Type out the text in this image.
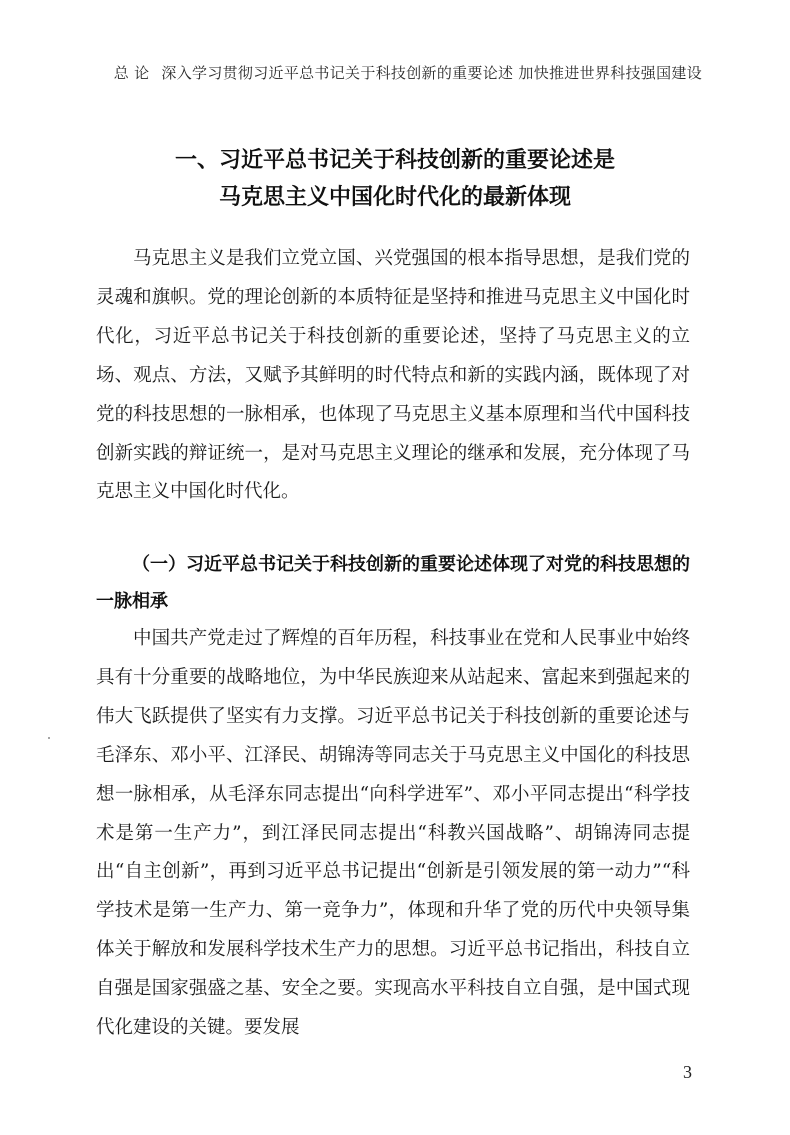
总 论 深入学习贯彻习近平总书记关于科技创新的重要论述 加快推进世界科技强国建设
一、习近平总书记关于科技创新的重要论述是
马克思主义中国化时代化的最新体现

马克思主义是我们立党立国、兴党强国的根本指导思想，是我们党的灵魂和旗帜。党的理论创新的本质特征是坚持和推进马克思主义中国化时代化，习近平总书记关于科技创新的重要论述，坚持了马克思主义的立场、观点、方法，又赋予其鲜明的时代特点和新的实践内涵，既体现了对党的科技思想的一脉相承，也体现了马克思主义基本原理和当代中国科技创新实践的辩证统一，是对马克思主义理论的继承和发展，充分体现了马克思主义中国化时代化。

（一）习近平总书记关于科技创新的重要论述体现了对党的科技思想的一脉相承

中国共产党走过了辉煌的百年历程，科技事业在党和人民事业中始终具有十分重要的战略地位，为中华民族迎来从站起来、富起来到强起来的伟大飞跃提供了坚实有力支撑。习近平总书记关于科技创新的重要论述与毛泽东、邓小平、江泽民、胡锦涛等同志关于马克思主义中国化的科技思想一脉相承，从毛泽东同志提出“向科学进军”、邓小平同志提出“科学技术是第一生产力”，到江泽民同志提出“科教兴国战略”、胡锦涛同志提出“自主创新”，再到习近平总书记提出“创新是引领发展的第一动力”“科学技术是第一生产力、第一竞争力”，体现和升华了党的历代中央领导集体关于解放和发展科学技术生产力的思想。习近平总书记指出，科技自立自强是国家强盛之基、安全之要。实现高水平科技自立自强，是中国式现代化建设的关键。要发展

3
